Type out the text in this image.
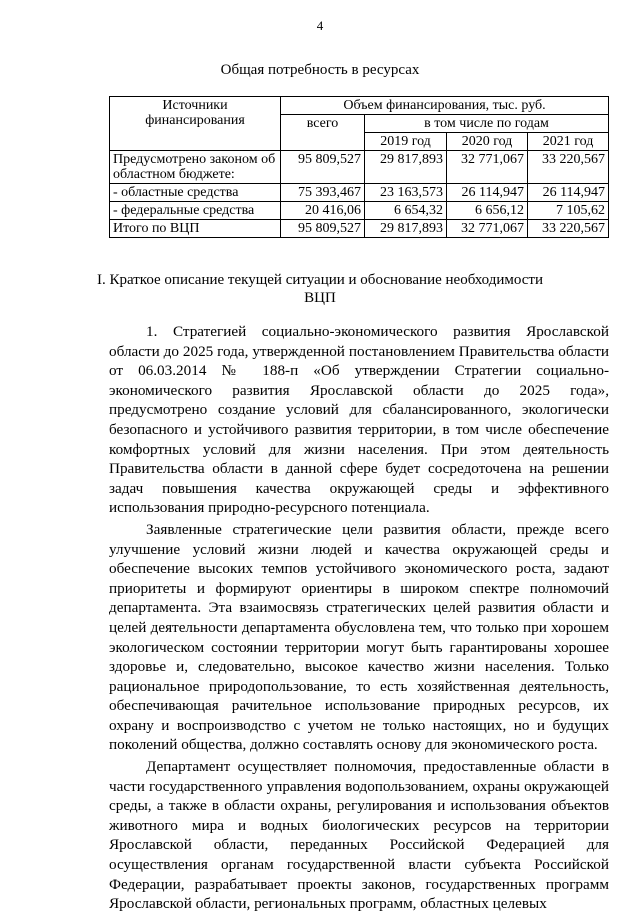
4
Общая потребность в ресурсах
Источники финансирования	Объем финансирования, тыс. руб.			
	всего	в том числе по годам		
		2019 год	2020 год	2021 год
Предусмотрено законом об областном бюджете:	95 809,527	29 817,893	32 771,067	33 220,567
- областные средства	75 393,467	23 163,573	26 114,947	26 114,947
- федеральные средства	20 416,06	6 654,32	6 656,12	7 105,62
Итого по ВЦП	95 809,527	29 817,893	32 771,067	33 220,567
I. Краткое описание текущей ситуации и обоснование необходимости ВЦП

1. Стратегией социально-экономического развития Ярославской области до 2025 года, утвержденной постановлением Правительства области от 06.03.2014 № 188-п «Об утверждении Стратегии социально-экономического развития Ярославской области до 2025 года», предусмотрено создание условий для сбалансированного, экологически безопасного и устойчивого развития территории, в том числе обеспечение комфортных условий для жизни населения. При этом деятельность Правительства области в данной сфере будет сосредоточена на решении задач повышения качества окружающей среды и эффективного использования природно-ресурсного потенциала.

Заявленные стратегические цели развития области, прежде всего улучшение условий жизни людей и качества окружающей среды и обеспечение высоких темпов устойчивого экономического роста, задают приоритеты и формируют ориентиры в широком спектре полномочий департамента. Эта взаимосвязь стратегических целей развития области и целей деятельности департамента обусловлена тем, что только при хорошем экологическом состоянии территории могут быть гарантированы хорошее здоровье и, следовательно, высокое качество жизни населения. Только рациональное природопользование, то есть хозяйственная деятельность, обеспечивающая рачительное использование природных ресурсов, их охрану и воспроизводство с учетом не только настоящих, но и будущих поколений общества, должно составлять основу для экономического роста.

Департамент осуществляет полномочия, предоставленные области в части государственного управления водопользованием, охраны окружающей среды, а также в области охраны, регулирования и использования объектов животного мира и водных биологических ресурсов на территории Ярославской области, переданных Российской Федерацией для осуществления органам государственной власти субъекта Российской Федерации, разрабатывает проекты законов, государственных программ Ярославской области, региональных программ, областных целевых
